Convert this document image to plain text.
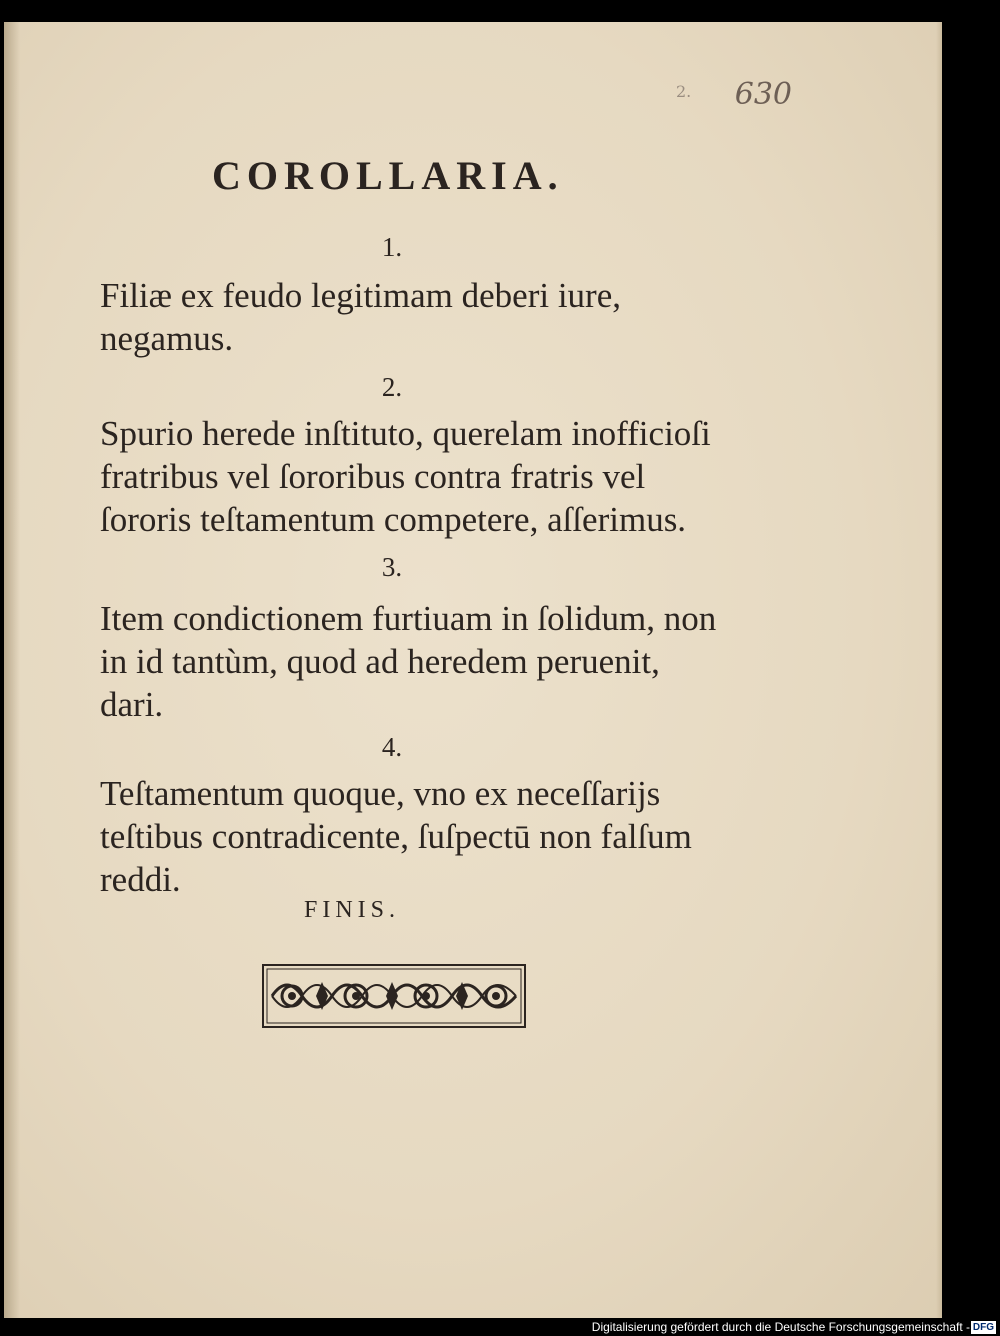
2. 630
COROLLARIA.
1.

Filiæ ex feudo legitimam deberi iure, negamus.

2.

Spurio herede inſtituto, querelam inofficioſi fratribus vel ſororibus contra fratris vel ſororis teſtamentum competere, aſſerimus.

3.

Item condictionem furtiuam in ſolidum, non in id tantùm, quod ad heredem peruenit, dari.

4.

Teſtamentum quoque, vno ex neceſſarijs teſtibus contradicente, ſuſpectū non falſum reddi.

FINIS.
Digitalisierung gefördert durch die Deutsche Forschungsgemeinschaft - DFG
